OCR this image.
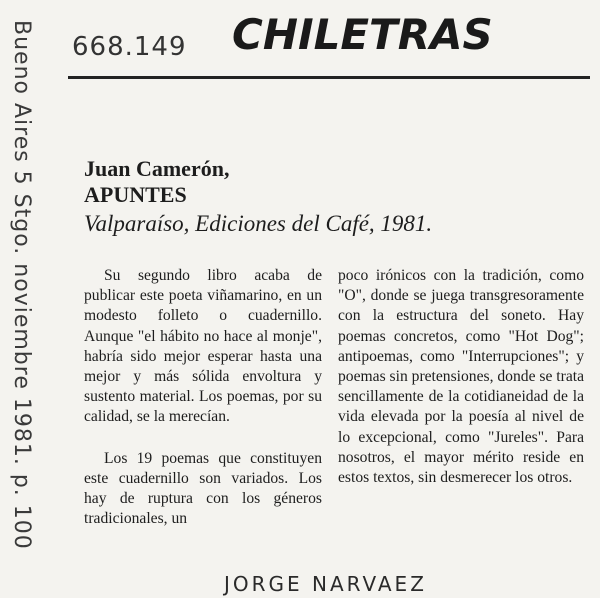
Bueno Aires 5 Stgo. noviembre 1981. p. 100 668.149 CHILETRAS
Juan Camerón,
APUNTES
Valparaíso, Ediciones del Café, 1981.

Su segundo libro acaba de publicar este poeta viñamarino, en un modesto folleto o cuadernillo. Aunque "el hábito no hace al monje", habría sido mejor esperar hasta una mejor y más sólida envoltura y sustento material. Los poemas, por su calidad, se la merecían.

Los 19 poemas que constituyen este cuadernillo son variados. Los hay de ruptura con los géneros tradicionales, un

poco irónicos con la tradición, como "O", donde se juega transgresoramente con la estructura del soneto. Hay poemas concretos, como "Hot Dog"; antipoemas, como "Interrupciones"; y poemas sin pretensiones, donde se trata sencillamente de la cotidianeidad de la vida elevada por la poesía al nivel de lo excepcional, como "Jureles". Para nosotros, el mayor mérito reside en estos textos, sin desmerecer los otros.

JORGE NARVAEZ
